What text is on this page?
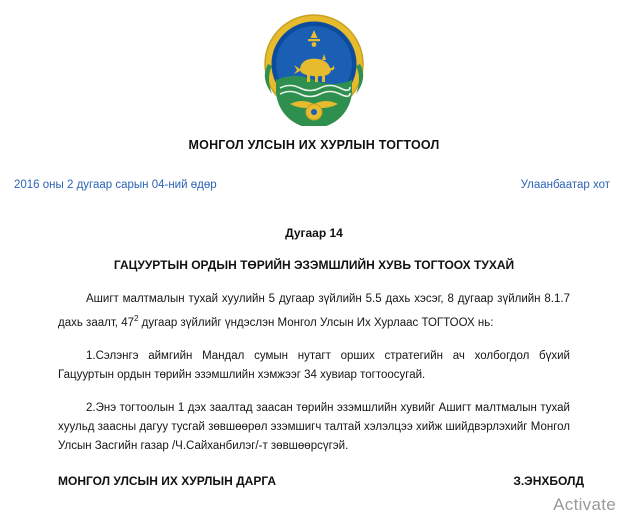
МОНГОЛ УЛСЫН ИХ ХУРЛЫН ТОГТООЛ
2016 оны 2 дугаар сарын 04-ний өдөр	Улаанбаатар хот
Дугаар 14
ГАЦУУРТЫН ОРДЫН ТӨРИЙН ЭЗЭМШЛИЙН ХУВЬ ТОГТООХ ТУХАЙ

Ашигт малтмалын тухай хуулийн 5 дугаар зүйлийн 5.5 дахь хэсэг, 8 дугаар зүйлийн 8.1.7 дахь заалт, $47^2$ дугаар зүйлийг үндэслэн Монгол Улсын Их Хурлаас ТОГТООХ нь:

1.Сэлэнгэ аймгийн Мандал сумын нутагт орших стратегийн ач холбогдол бүхий Гацууртын ордын төрийн эзэмшлийн хэмжээг 34 хувиар тогтоосугай.

2.Энэ тогтоолын 1 дэх заалтад заасан төрийн эзэмшлийн хувийг Ашигт малтмалын тухай хуульд заасны дагуу тусгай зөвшөөрөл эзэмшигч талтай хэлэлцээ хийж шийдвэрлэхийг Монгол Улсын Засгийн газар /Ч.Сайханбилэг/-т зөвшөөрсүгэй.

МОНГОЛ УЛСЫН ИХ ХУРЛЫН ДАРГА	З.ЭНХБОЛД
Activate
